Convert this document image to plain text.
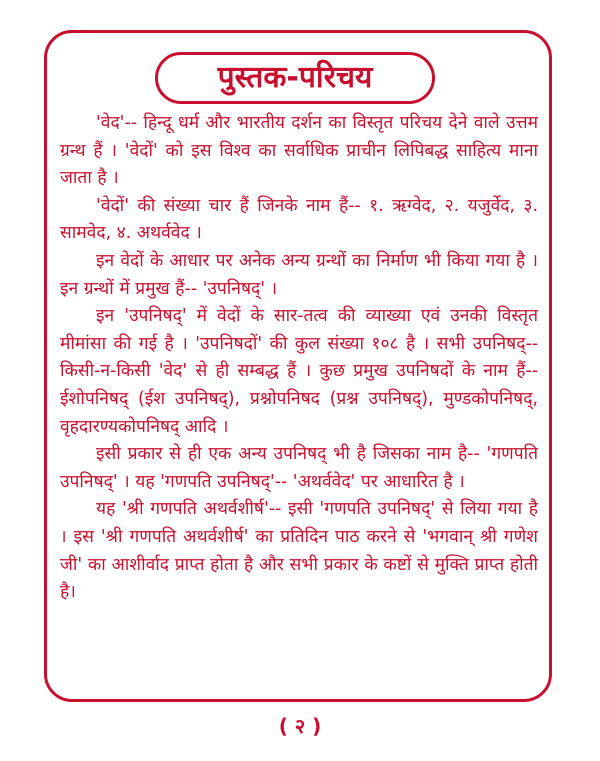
पुस्तक-परिचय

'वेद'-- हिन्दू धर्म और भारतीय दर्शन का विस्तृत परिचय देने वाले उत्तम ग्रन्थ हैं । 'वेदों' को इस विश्व का सर्वाधिक प्राचीन लिपिबद्ध साहित्य माना जाता है ।

'वेदों' की संख्या चार हैं जिनके नाम हैं-- १. ऋग्वेद, २. यजुर्वेद, ३. सामवेद, ४. अथर्ववेद ।

इन वेदों के आधार पर अनेक अन्य ग्रन्थों का निर्माण भी किया गया है । इन ग्रन्थों में प्रमुख हैं-- 'उपनिषद्' ।

इन 'उपनिषद्' में वेदों के सार-तत्व की व्याख्या एवं उनकी विस्तृत मीमांसा की गई है । 'उपनिषदों' की कुल संख्या १०८ है । सभी उपनिषद्-- किसी-न-किसी 'वेद' से ही सम्बद्ध हैं । कुछ प्रमुख उपनिषदों के नाम हैं-- ईशोपनिषद् (ईश उपनिषद्), प्रश्नोपनिषद (प्रश्न उपनिषद्), मुण्डकोपनिषद्, वृहदारण्यकोपनिषद् आदि ।

इसी प्रकार से ही एक अन्य उपनिषद् भी है जिसका नाम है-- 'गणपति उपनिषद्' । यह 'गणपति उपनिषद्'-- 'अथर्ववेद' पर आधारित है ।

यह 'श्री गणपति अथर्वशीर्ष'-- इसी 'गणपति उपनिषद्' से लिया गया है । इस 'श्री गणपति अथर्वशीर्ष' का प्रतिदिन पाठ करने से 'भगवान् श्री गणेश जी' का आशीर्वाद प्राप्त होता है और सभी प्रकार के कष्टों से मुक्ति प्राप्त होती है।

( २ )
